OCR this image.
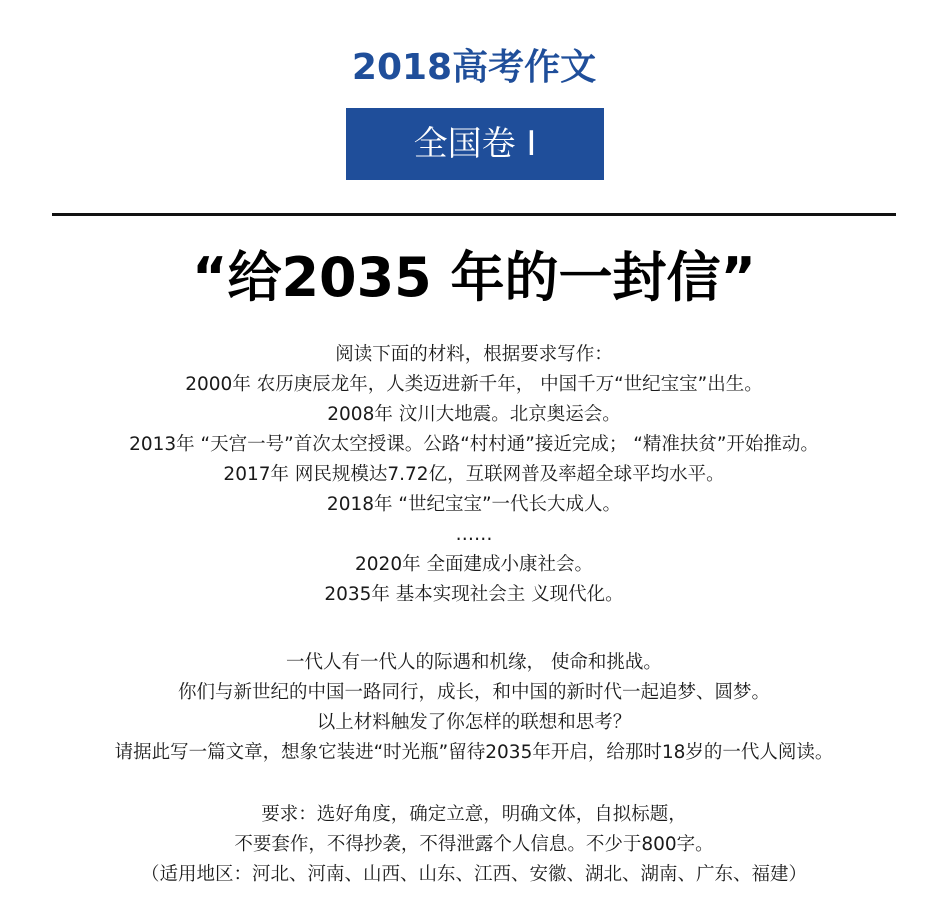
2018高考作文
全国卷 I
“给2035 年的一封信”
阅读下面的材料，根据要求写作：
2000年 农历庚辰龙年，人类迈进新千年， 中国千万“世纪宝宝”出生。
2008年 汶川大地震。北京奥运会。
2013年 “天宫一号”首次太空授课。公路“村村通”接近完成； “精准扶贫”开始推动。
2017年 网民规模达7.72亿，互联网普及率超全球平均水平。
2018年 “世纪宝宝”一代长大成人。
……
2020年 全面建成小康社会。
2035年 基本实现社会主 义现代化。
一代人有一代人的际遇和机缘， 使命和挑战。
你们与新世纪的中国一路同行，成长，和中国的新时代一起追梦、圆梦。
以上材料触发了你怎样的联想和思考？
请据此写一篇文章，想象它装进“时光瓶”留待2035年开启，给那时18岁的一代人阅读。
要求：选好角度，确定立意，明确文体，自拟标题，
不要套作，不得抄袭，不得泄露个人信息。不少于800字。
（适用地区：河北、河南、山西、山东、江西、安徽、湖北、湖南、广东、福建）
